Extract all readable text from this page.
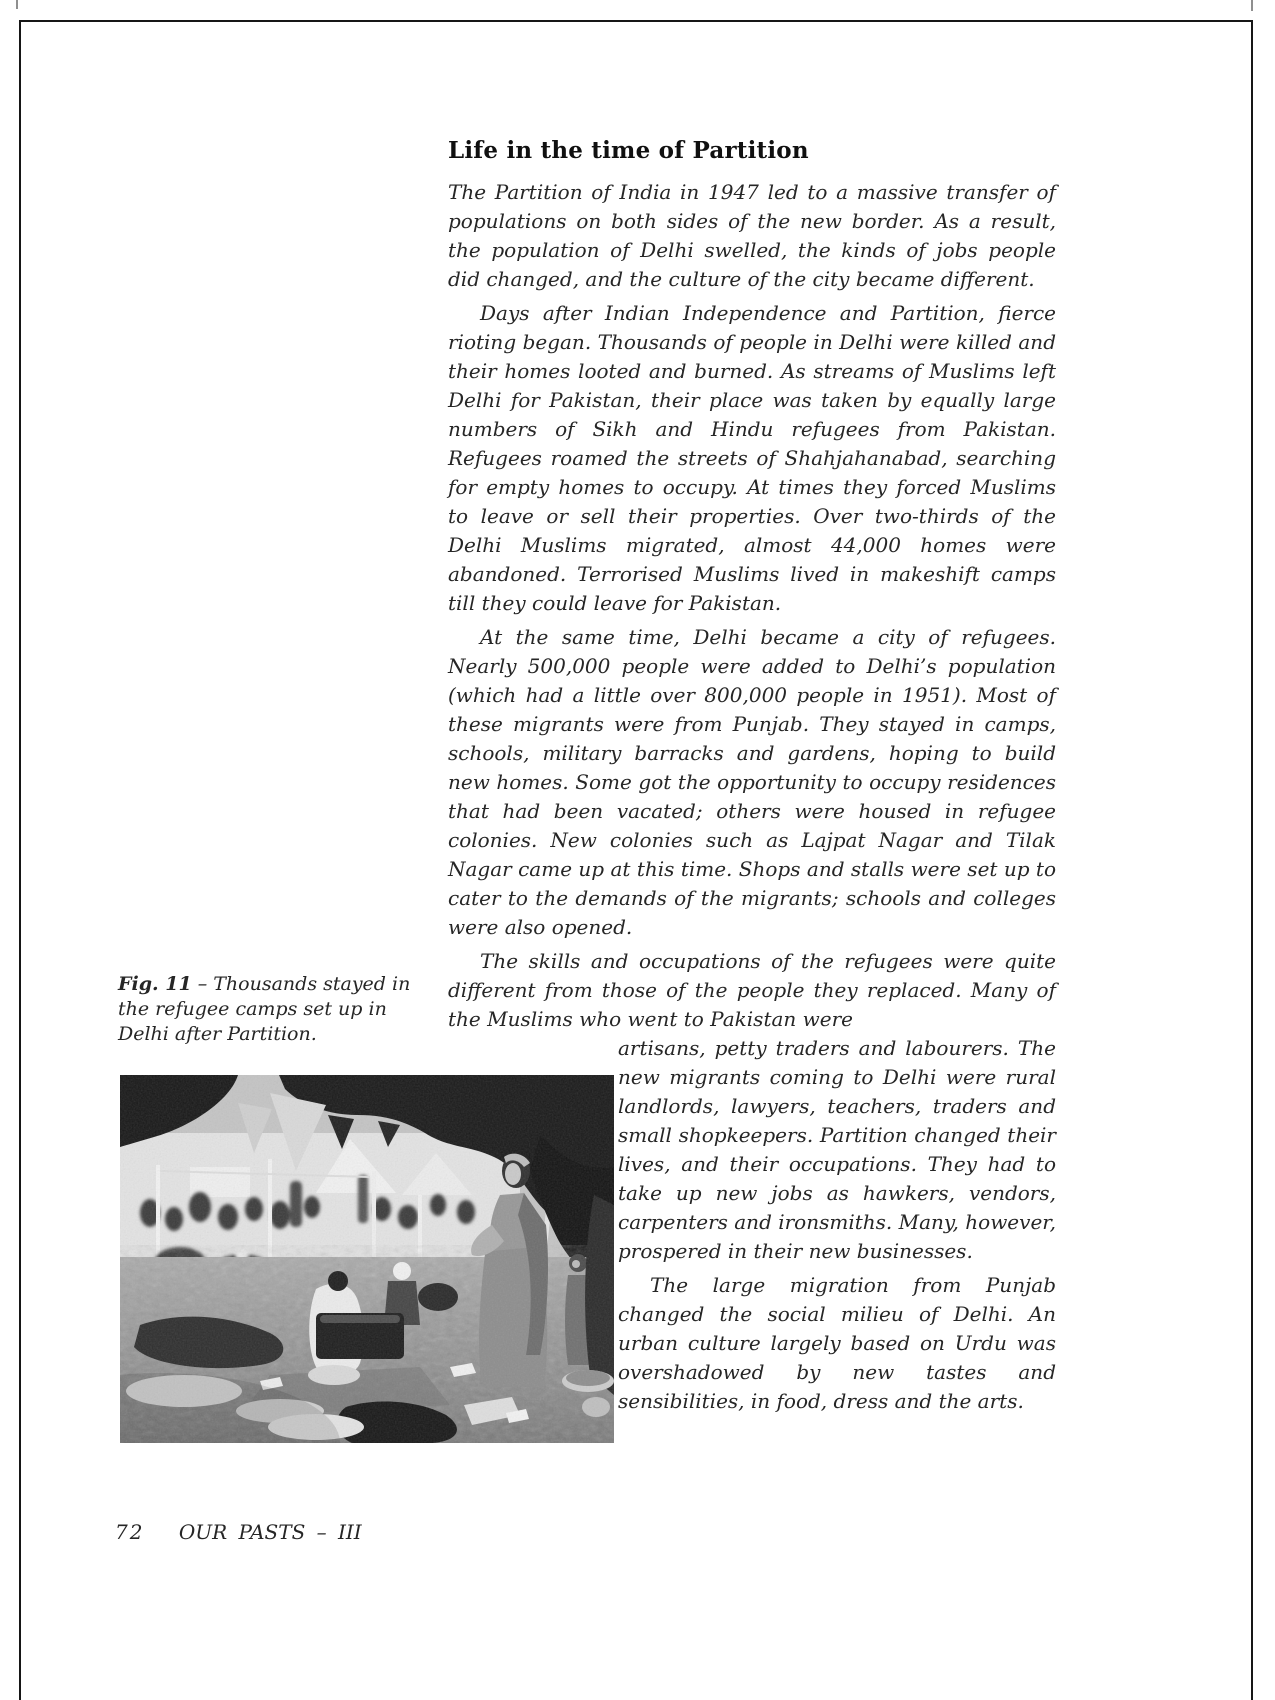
Life in the time of Partition

The Partition of India in 1947 led to a massive transfer of populations on both sides of the new border. As a result, the population of Delhi swelled, the kinds of jobs people did changed, and the culture of the city became different.

Days after Indian Independence and Partition, fierce rioting began. Thousands of people in Delhi were killed and their homes looted and burned. As streams of Muslims left Delhi for Pakistan, their place was taken by equally large numbers of Sikh and Hindu refugees from Pakistan. Refugees roamed the streets of Shahjahanabad, searching for empty homes to occupy. At times they forced Muslims to leave or sell their properties. Over two-thirds of the Delhi Muslims migrated, almost 44,000 homes were abandoned. Terrorised Muslims lived in makeshift camps till they could leave for Pakistan.

At the same time, Delhi became a city of refugees. Nearly 500,000 people were added to Delhi’s population (which had a little over 800,000 people in 1951). Most of these migrants were from Punjab. They stayed in camps, schools, military barracks and gardens, hoping to build new homes. Some got the opportunity to occupy residences that had been vacated; others were housed in refugee colonies. New colonies such as Lajpat Nagar and Tilak Nagar came up at this time. Shops and stalls were set up to cater to the demands of the migrants; schools and colleges were also opened.

The skills and occupations of the refugees were quite different from those of the people they replaced. Many of the Muslims who went to Pakistan were
artisans, petty traders and labourers. The new migrants coming to Delhi were rural landlords, lawyers, teachers, traders and small shopkeepers. Partition changed their lives, and their occupations. They had to take up new jobs as hawkers, vendors, carpenters and ironsmiths. Many, however, prospered in their new businesses.

The large migration from Punjab changed the social milieu of Delhi. An urban culture largely based on Urdu was overshadowed by new tastes and sensibilities, in food, dress and the arts.

Fig. 11 – Thousands stayed in the refugee camps set up in Delhi after Partition.
72 OUR PASTS – III
